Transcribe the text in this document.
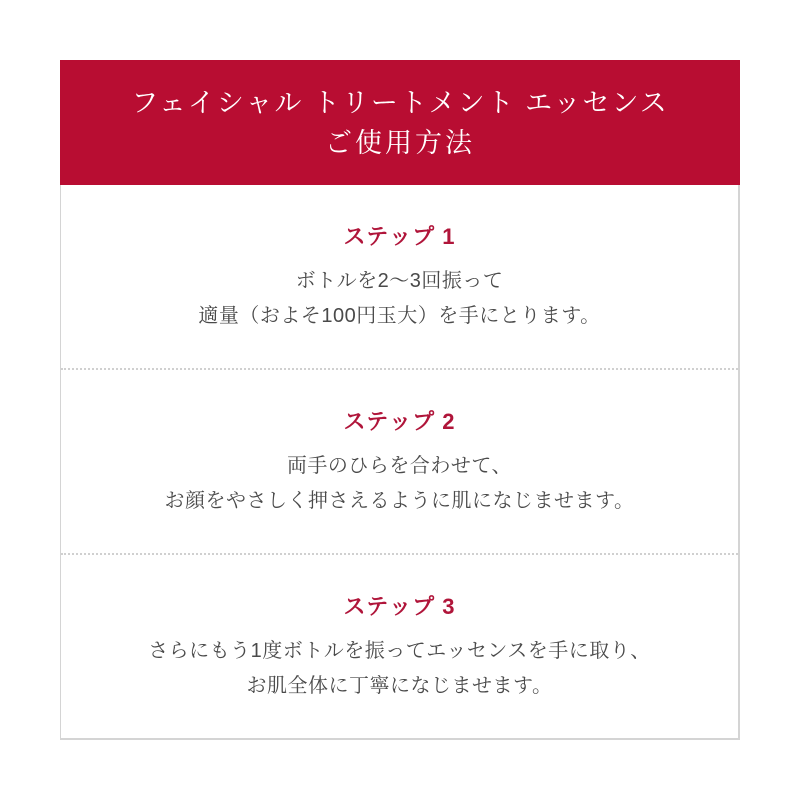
フェイシャル トリートメント エッセンス
ご使用方法
ステップ 1
ボトルを2～3回振って
適量（およそ100円玉大）を手にとります。
ステップ 2
両手のひらを合わせて、
お顔をやさしく押さえるように肌になじませます。
ステップ 3
さらにもう1度ボトルを振ってエッセンスを手に取り、
お肌全体に丁寧になじませます。
